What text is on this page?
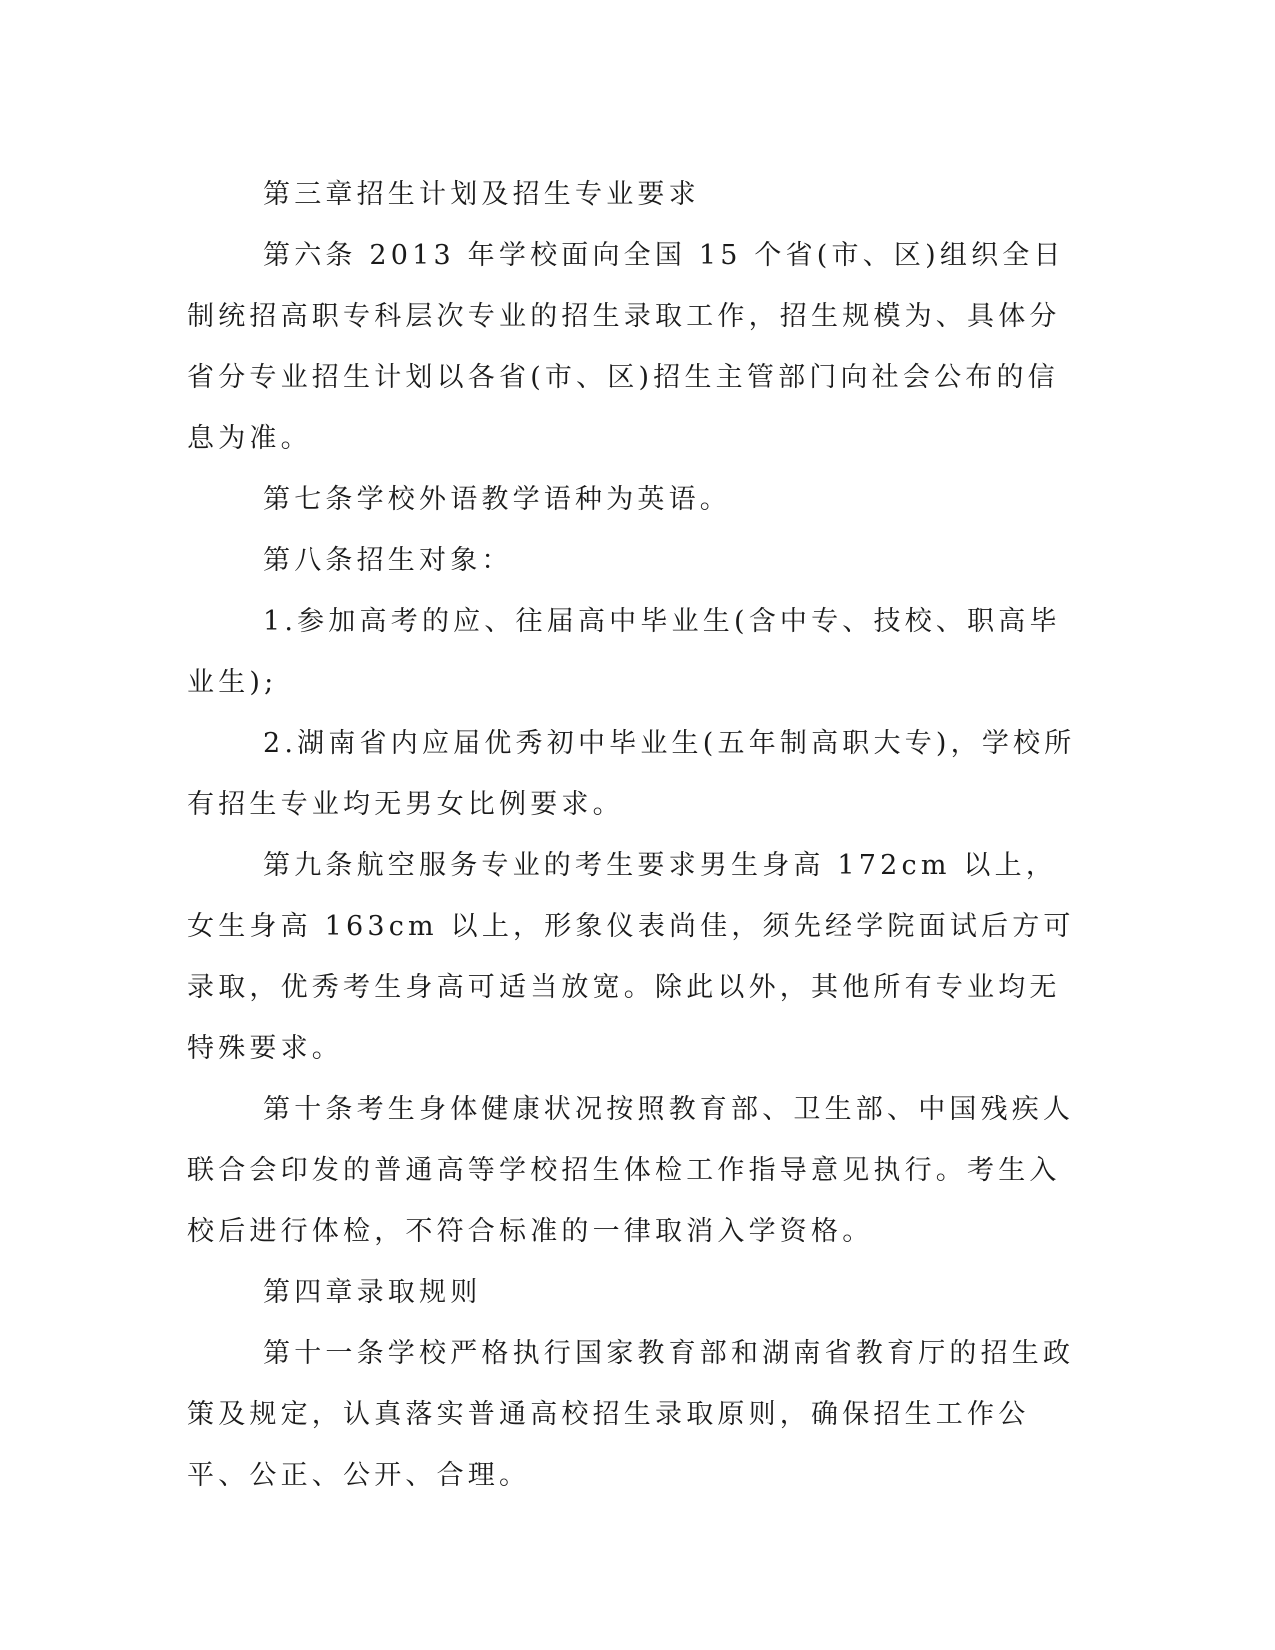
第三章招生计划及招生专业要求

第六条 2013 年学校面向全国 15 个省(市、区)组织全日制统招高职专科层次专业的招生录取工作，招生规模为、具体分省分专业招生计划以各省(市、区)招生主管部门向社会公布的信息为准。

第七条学校外语教学语种为英语。

第八条招生对象：

1.参加高考的应、往届高中毕业生(含中专、技校、职高毕业生);

2.湖南省内应届优秀初中毕业生(五年制高职大专)，学校所有招生专业均无男女比例要求。

第九条航空服务专业的考生要求男生身高 172cm 以上，女生身高 163cm 以上，形象仪表尚佳，须先经学院面试后方可录取，优秀考生身高可适当放宽。除此以外，其他所有专业均无特殊要求。

第十条考生身体健康状况按照教育部、卫生部、中国残疾人联合会印发的普通高等学校招生体检工作指导意见执行。考生入校后进行体检，不符合标准的一律取消入学资格。

第四章录取规则

第十一条学校严格执行国家教育部和湖南省教育厅的招生政策及规定，认真落实普通高校招生录取原则，确保招生工作公平、公正、公开、合理。
